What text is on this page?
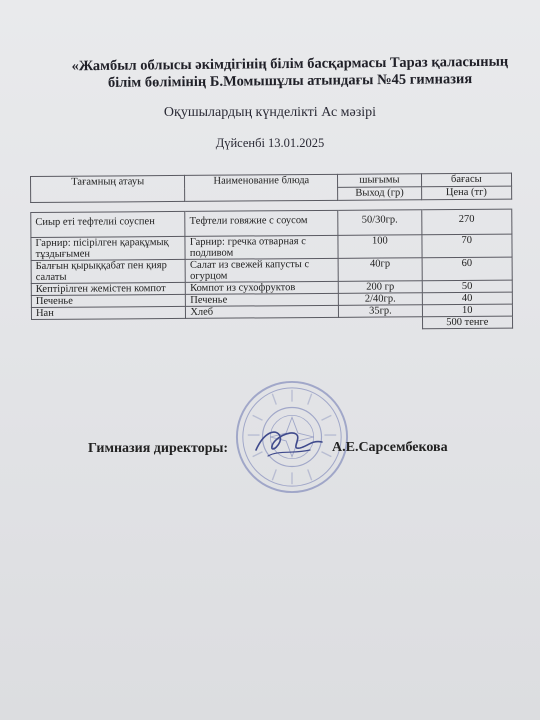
«Жамбыл облысы әкімдігінің білім басқармасы Тараз қаласының білім бөлімінің Б.Момышұлы атындағы №45 гимназия
Оқушылардың күнделікті Ас мәзірі
Дүйсенбі 13.01.2025
Тағамның атауы	Наименование блюда	шығымы	бағасы
		Выход (гр)	Цена (тг)

Сиыр еті тефтелиі соуспен	Тефтели говяжие с соусом	50/30гр.	270
Гарнир: пісірілген қарақұмық тұздығымен	Гарнир: гречка отварная с подливом	100	70
Балғын қырыққабат пен қияр салаты	Салат из свежей капусты с огурцом	40гр	60
Кептірілген жемістен компот	Компот из сухофруктов	200 гр	50
Печенье	Печенье	2/40гр.	40
Нан	Хлеб	35гр.	10
			500 тенге
Гимназия директоры:	А.Е.Сарсембекова
